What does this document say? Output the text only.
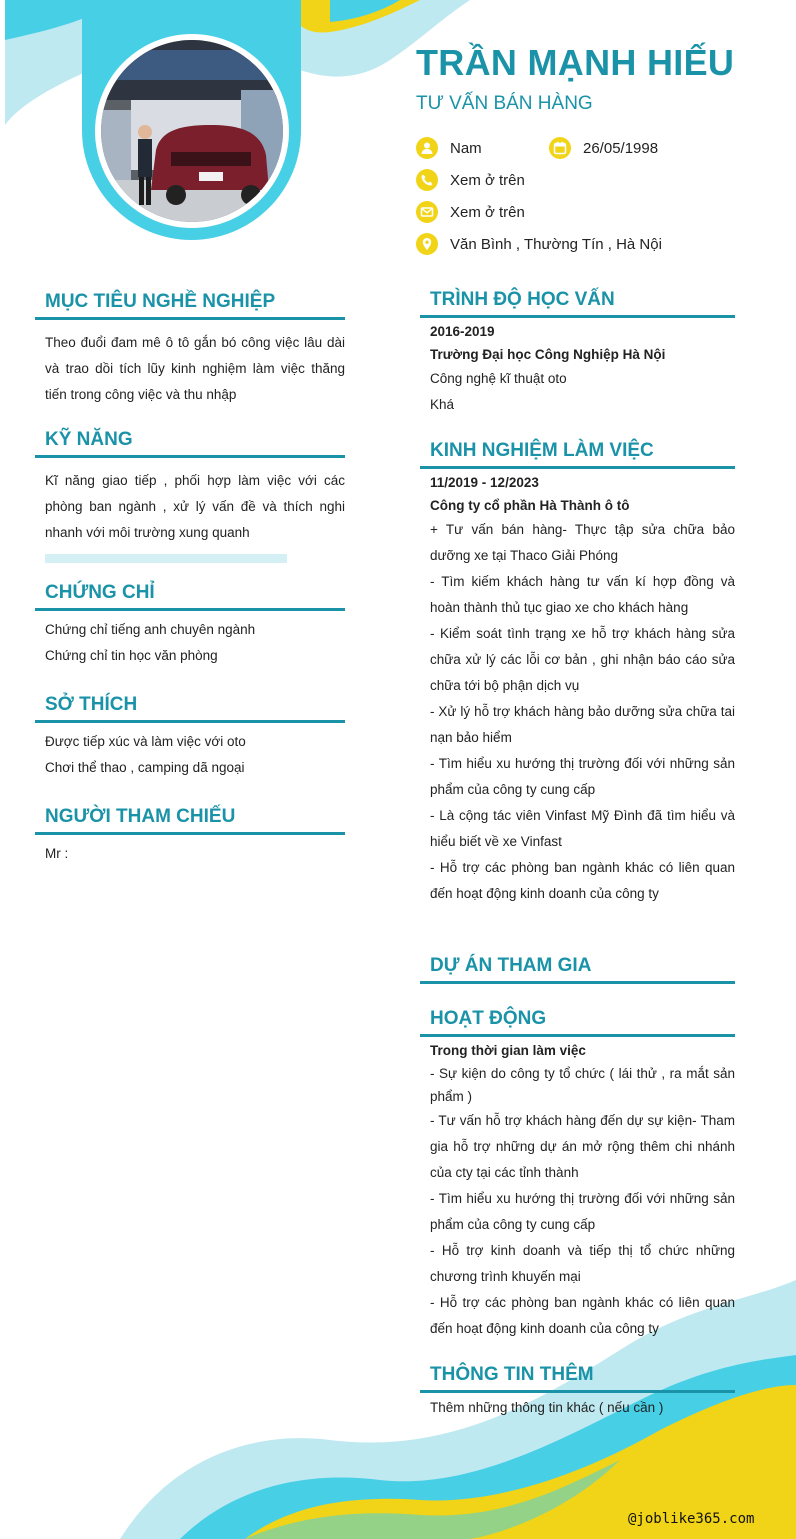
TRẦN MẠNH HIẾU
TƯ VẤN BÁN HÀNG
Nam	26/05/1998
Xem ở trên
Xem ở trên
Văn Bình , Thường Tín , Hà Nội
MỤC TIÊU NGHỀ NGHIỆP
Theo đuổi đam mê ô tô gắn bó công việc lâu dài và trao dồi tích lũy kinh nghiệm làm việc thăng tiến trong công việc và thu nhập
KỸ NĂNG
Kĩ năng giao tiếp , phối hợp làm việc với các phòng ban ngành , xử lý vấn đề và thích nghi nhanh với môi trường xung quanh
CHỨNG CHỈ
Chứng chỉ tiếng anh chuyên ngành
Chứng chỉ tin học văn phòng
SỞ THÍCH
Được tiếp xúc và làm việc với oto
Chơi thể thao , camping dã ngoại
NGƯỜI THAM CHIẾU
Mr :
TRÌNH ĐỘ HỌC VẤN
2016-2019
Trường Đại học Công Nghiệp Hà Nội
Công nghệ kĩ thuật oto
Khá
KINH NGHIỆM LÀM VIỆC
11/2019 - 12/2023
Công ty cổ phần Hà Thành ô tô
+ Tư vấn bán hàng- Thực tập sửa chữa bảo dưỡng xe tại Thaco Giải Phóng
- Tìm kiếm khách hàng tư vấn kí hợp đồng và hoàn thành thủ tục giao xe cho khách hàng
- Kiểm soát tình trạng xe hỗ trợ khách hàng sửa chữa xử lý các lỗi cơ bản , ghi nhận báo cáo sửa chữa tới bộ phận dịch vụ
- Xử lý hỗ trợ khách hàng bảo dưỡng sửa chữa tai nạn bảo hiểm
- Tìm hiểu xu hướng thị trường đối với những sản phẩm của công ty cung cấp
- Là cộng tác viên Vinfast Mỹ Đình đã tìm hiểu và hiểu biết về xe Vinfast
- Hỗ trợ các phòng ban ngành khác có liên quan đến hoạt động kinh doanh của công ty
DỰ ÁN THAM GIA
HOẠT ĐỘNG
Trong thời gian làm việc
- Sự kiện do công ty tổ chức ( lái thử , ra mắt sản phẩm )
- Tư vấn hỗ trợ khách hàng đến dự sự kiện- Tham gia hỗ trợ những dự án mở rộng thêm chi nhánh của cty tại các tỉnh thành
- Tìm hiểu xu hướng thị trường đối với những sản phẩm của công ty cung cấp
- Hỗ trợ kinh doanh và tiếp thị tổ chức những chương trình khuyến mại
- Hỗ trợ các phòng ban ngành khác có liên quan đến hoạt động kinh doanh của công ty
THÔNG TIN THÊM
Thêm những thông tin khác ( nếu cần )
@joblike365.com
